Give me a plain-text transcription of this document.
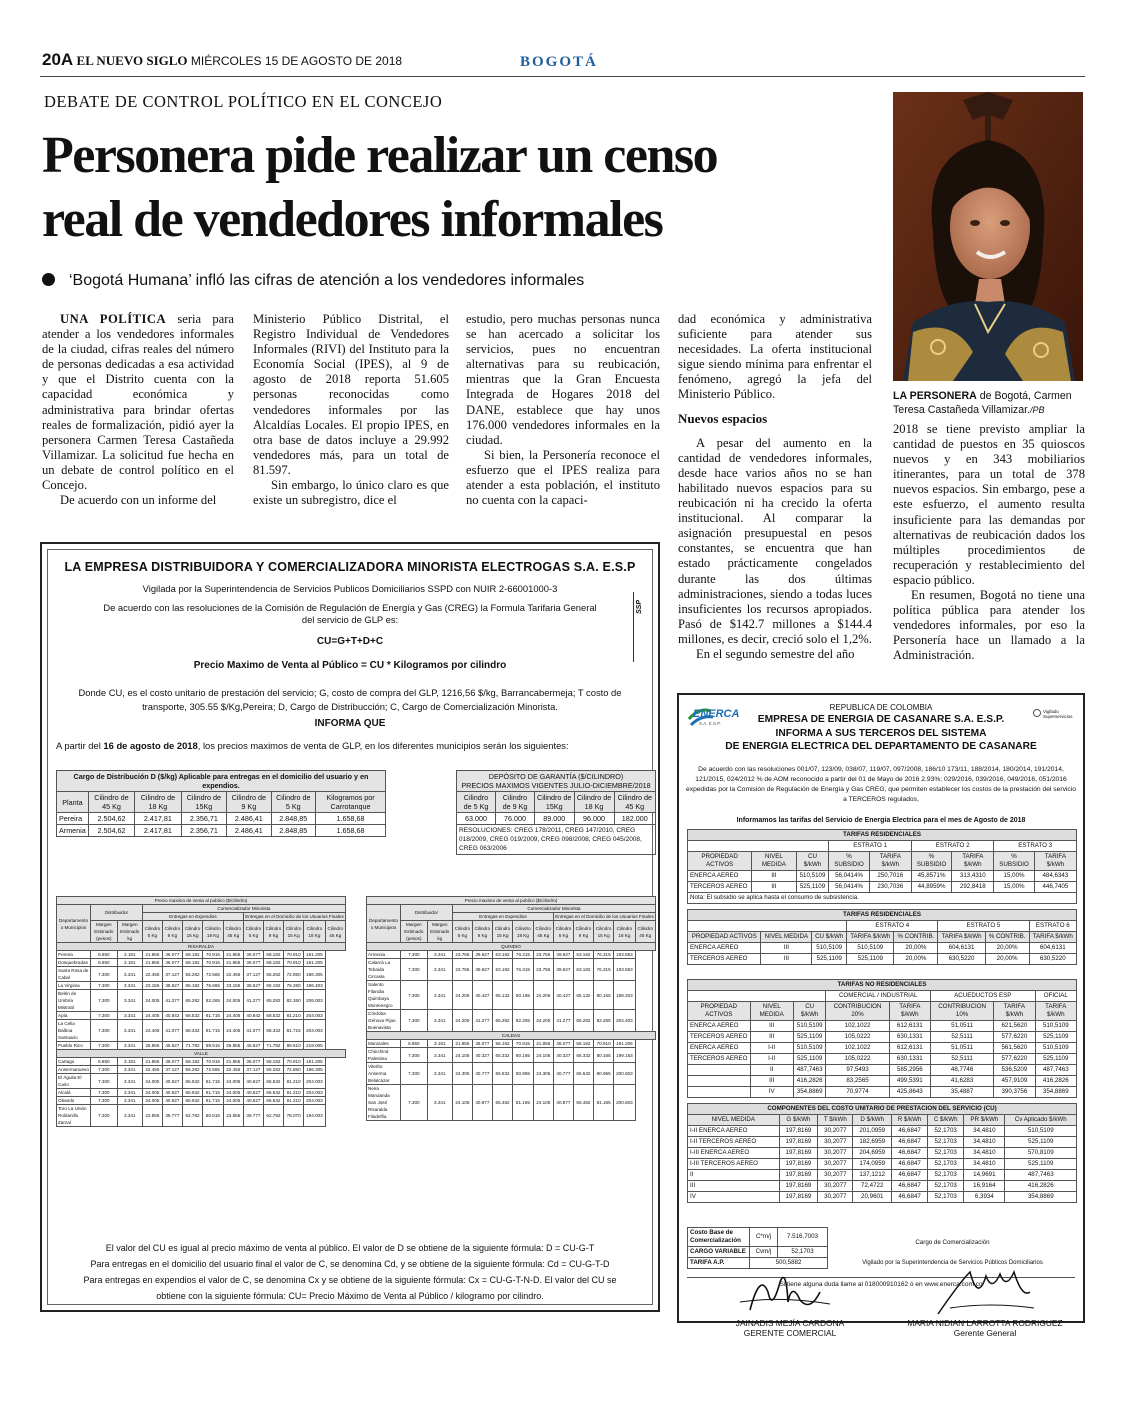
20A EL NUEVO SIGLO MIÉRCOLES 15 DE AGOSTO DE 2018	BOGOTÁ
DEBATE DE CONTROL POLÍTICO EN EL CONCEJO
Personera pide realizar un censo
real de vendedores informales
‘Bogotá Humana’ infló las cifras de atención a los vendedores informales

UNA POLÍTICA seria para atender a los vendedores informales de la ciudad, cifras reales del número de personas dedicadas a esa actividad y que el Distrito cuenta con la capacidad económica y administrativa para brindar ofertas reales de formalización, pidió ayer la personera Carmen Teresa Castañeda Villamizar. La solicitud fue hecha en un debate de control político en el Concejo.

De acuerdo con un informe del

Ministerio Público Distrital, el Registro Individual de Vendedores Informales (RIVI) del Instituto para la Economía Social (IPES), al 9 de agosto de 2018 reporta 51.605 personas reconocidas como vendedores informales por las Alcaldías Locales. El propio IPES, en otra base de datos incluye a 29.992 vendedores más, para un total de 81.597.

Sin embargo, lo único claro es que existe un subregistro, dice el

estudio, pero muchas personas nunca se han acercado a solicitar los servicios, pues no encuentran alternativas para su reubicación, mientras que la Gran Encuesta Integrada de Hogares 2018 del DANE, establece que hay unos 176.000 vendedores informales en la ciudad.

Si bien, la Personería reconoce el esfuerzo que el IPES realiza para atender a esta población, el instituto no cuenta con la capaci-

dad económica y administrativa suficiente para atender sus necesidades. La oferta institucional sigue siendo mínima para enfrentar el fenómeno, agregó la jefa del Ministerio Público.

Nuevos espacios

A pesar del aumento en la cantidad de vendedores informales, desde hace varios años no se han habilitado nuevos espacios para su reubicación ni ha crecido la oferta institucional. Al comparar la asignación presupuestal en pesos constantes, se encuentra que han estado prácticamente congelados durante las dos últimas administraciones, siendo a todas luces insuficientes los recursos apropiados. Pasó de $142.7 millones a $144.4 millones, es decir, creció solo el 1,2%.

En el segundo semestre del año

2018 se tiene previsto ampliar la cantidad de puestos en 35 quioscos nuevos y en 343 mobiliarios itinerantes, para un total de 378 nuevos espacios. Sin embargo, pese a este esfuerzo, el aumento resulta insuficiente para las demandas por alternativas de reubicación dados los múltiples procedimientos de recuperación y restablecimiento del espacio público.

En resumen, Bogotá no tiene una política pública para atender los vendedores informales, por eso la Personería hace un llamado a la Administración.

LA PERSONERA de Bogotá, Carmen Teresa Castañeda Villamizar./PB
LA EMPRESA DISTRIBUIDORA Y COMERCIALIZADORA MINORISTA ELECTROGAS S.A. E.S.P
Vigilada por la Superintendencia de Servicios Publicos Domiciliarios SSPD con NUIR 2-66001000-3
De acuerdo con las resoluciones de la Comisión de Regulación de Energía y Gas (CREG) la Formula Tarifaria General del servicio de GLP es:
SSP
CU=G+T+D+C
Precio Maximo de Venta al Público = CU * Kilogramos por cilindro
Donde CU, es el costo unitario de prestación del servicio; G, costo de compra del GLP, 1216,56 $/kg, Barrancabermeja; T costo de transporte, 305.55 $/Kg,Pereira; D, Cargo de Distribucción; C, Cargo de Comercialización Minorista.
INFORMA QUE
A partir del 16 de agosto de 2018, los precios maximos de venta de GLP, en los diferentes municipios serán los siguientes:
Cargo de Distribución D ($/kg) Aplicable para entregas en el domicilio del usuario y en expendios.						
Planta	Cilindro de 45 Kg	Cilindro de 18 Kg	Cilindro de 15Kg	Cilindro de 9 Kg	Cilindro de 5 Kg	Kilogramos por Carrotanque
Pereira	2.504,62	2.417,81	2.356,71	2.486,41	2.848,85	1.658,68
Armenia	2.504,62	2.417,81	2.356,71	2.486,41	2.848,85	1.658,68
DEPÓSITO DE GARANTÍA ($/CILINDRO)
PRECIOS MAXIMOS VIGENTES JULIO-DICIEMBRE/2018				

Cilindro de 5 Kg	Cilindro de 9 Kg	Cilindro de 15Kg	Cilindro de 18 Kg	Cilindro de 45 Kg
63.000	76.000	89.000	96.000	182.000
RESOLUCIONES: CREG 178/2011, CREG 147/2010, CREG 018/2009, CREG 019/2009, CREG 098/2008, CREG 045/2008, CREG 063/2006				
Precio maximo de venta al publico ($/cilindro)												
Departamento o Municipios	Distribuidor		Comercializador Minorista									
			Entregas en Expendios					Entregas en el Domicilio de los Usuarios Finales				
	Margen Estimado (pesos)	Margen Estimado kg	Cilindro 5 Kg	Cilindro 9 Kg	Cilindro 15 Kg	Cilindro 18 Kg	Cilindro 45 Kg	Cilindro 5 Kg	Cilindro 9 Kg	Cilindro 15 Kg	Cilindro 18 Kg	Cilindro 45 Kg
RISARALDA												
Pereira	6.850	3.181	21.855	36.077	58.182	70.915	21.855	36.077	58.182	70.910	181.205	
Dosquebradas	6.850	3.181	21.855	36.077	58.182	70.915	21.855	36.077	58.182	70.910	181.205	
Santa Rosa de Cabal	7.300	3.341	22.455	37.127	55.282	72.565	22.455	37.127	55.282	72.850	186.305	
La Virginia	7.300	3.341	23.155	38.527	65.182	76.665	23.155	38.527	65.182	76.260	196.403	
Belén de Umbría Mistrató	7.300	3.341	24.005	41.277	65.282	82.265	24.005	41.277	65.282	82.260	206.003	
Apía	7.300	3.341	24.405	40.842	68.532	81.715	24.405	40.842	68.532	81.210	204.003	
La Celia Balboa Santuario	7.300	3.341	24.405	41.077	68.332	81.715	24.405	41.077	68.332	81.715	204.003	
Pueblo Rico	7.300	3.341	25.855	45.527	71.782	89.515	25.855	45.527	71.782	89.510	219.005	
VALLE												
Cartago	6.850	3.181	21.855	36.077	58.182	70.915	21.855	36.077	58.182	70.910	181.205	
Ansermanuevo	7.300	3.341	22.455	37.127	55.282	72.565	22.455	37.127	55.282	72.850	186.305	
El Águila El Cairo	7.300	3.341	24.005	40.627	65.532	81.715	24.005	40.627	65.532	81.210	204.003	
Alcalá	7.300	3.341	24.005	40.627	65.532	81.715	24.005	40.627	65.532	81.210	204.003	
Obando	7.300	3.341	24.005	40.627	65.532	81.715	24.005	40.627	65.532	81.210	204.003	
Toro La Unión Roldanillo Zarzal	7.300	3.341	23.855	39.777	62.782	80.515	23.855	39.777	62.782	78.070	194.003	
Precio maximo de venta al publico ($/cilindro)												
Departamento o Municipios	Distribuidor		Comercializador Minorista									
			Entregas en Expendios					Entregas en el Domicilio de los Usuarios Finales				
	Margen Estimado (pesos)	Margen Estimado kg	Cilindro 5 Kg	Cilindro 9 Kg	Cilindro 15 Kg	Cilindro 18 Kg	Cilindro 45 Kg	Cilindro 5 Kg	Cilindro 9 Kg	Cilindro 15 Kg	Cilindro 18 Kg	Cilindro 45 Kg
QUINDIO												
Armenia	7.300	3.341	23.755	39.627	63.182	76.315	23.755	39.627	63.182	76.315	193.553	
Calarcá La Tebaida Circasia	7.300	3.341	23.755	39.627	63.182	76.315	23.755	39.627	63.182	76.315	193.553	
Salento Filandia Quimbaya Montenegro	7.300	3.341	24.205	40.427	65.132	80.165	24.205	40.427	65.132	80.165	198.203	
Córdoba Génova Pijao Buenavista	7.300	3.341	24.205	41.277	65.282	82.265	24.205	41.277	65.282	82.265	204.403	
CALDAS												
Manizales	6.850	3.181	21.855	36.077	58.182	70.915	21.855	36.077	58.182	70.910	181.205	
Chinchiná Palestina	7.300	3.341	24.105	40.327	65.332	80.165	24.105	40.327	65.332	80.165	199.163	
Viterbo Anserma Belalcázar	7.300	3.341	24.305	40.777	65.532	80.965	24.305	40.777	65.532	80.965	200.603	
Neira Marulanda San José Risaralda Filadelfia	7.300	3.341	24.105	40.877	65.482	81.165	24.105	40.877	65.482	81.165	200.603	
El valor del CU es igual al precio máximo de venta al público. El valor de D se obtiene de la siguiente fórmula: D = CU-G-T
Para entregas en el domicilio del usuario final el valor de C, se denomina Cd, y se obtiene de la siguiente fórmula: Cd = CU-G-T-D
Para entregas en expendios el valor de C, se denomina Cx y se obtiene de la siguiente fórmula: Cx = CU-G-T-N-D. El valor del CU se
obtiene con la siguiente fórmula: CU= Precio Máximo de Venta al Público / kilogramo por cilindro.
ENERCA
S.A. E.S.P.
Vigilado Superservicios
REPUBLICA DE COLOMBIA
EMPRESA DE ENERGIA DE CASANARE S.A. E.S.P.
INFORMA A SUS TERCEROS DEL SISTEMA
DE ENERGIA ELECTRICA DEL DEPARTAMENTO DE CASANARE
De acuerdo con las resoluciones 001/07, 123/09, 038/07, 119/07, 097/2008, 186/10 173/11, 188/2014, 180/2014, 191/2014, 121/2015, 024/2012 % de AOM reconocido a partir del 01 de Mayo de 2016 2.93%; 029/2016, 039/2016, 049/2016, 051/2016 expedidas por la Comisión de Regulación de Energía y Gas CREG, que permiten establecer los costos de la prestación del servicio a TERCEROS regulados,
Informamos las tarifas del Servicio de Energía Electrica para el mes de Agosto de 2018
TARIFAS RESIDENCIALES								
			ESTRATO 1		ESTRATO 2		ESTRATO 3	
PROPIEDAD ACTIVOS	NIVEL MEDIDA	CU $/kWh	% SUBSIDIO	TARIFA $/kWh	% SUBSIDIO	TARIFA $/kWh	% SUBSIDIO	TARIFA $/kWh
ENERCA AEREO	III	510,5109	56,0414%	250,7016	45,8571%	313,4310	15,00%	484,6343
TERCEROS AEREO	III	525,1109	56,0414%	230,7036	44,8959%	292,8418	15,00%	446,7405
Nota: El subsidio se aplica hasta el consumo de subsistencia.								
TARIFAS RESIDENCIALES							
			ESTRATO 4		ESTRATO 5		ESTRATO 6
PROPIEDAD ACTIVOS	NIVEL MEDIDA	CU $/kWh	TARIFA $/kWh	% CONTRIB.	TARIFA $/kWh	% CONTRIB.	TARIFA $/kWh
ENERCA AEREO	III	510,5109	510,5109	20,00%	604,6131	20,00%	604,6131
TERCEROS AEREO	III	525,1109	525,1109	20,00%	630,5220	20,00%	630,5220
TARIFAS NO RESIDENCIALES							
			COMERCIAL / INDUSTRIAL		ACUEDUCTOS ESP		OFICIAL
PROPIEDAD ACTIVOS	NIVEL MEDIDA	CU $/kWh	CONTRIBUCION 20%	TARIFA $/kWh	CONTRIBUCION 10%	TARIFA $/kWh	TARIFA $/kWh
ENERCA AEREO	III	510,5109	102,1022	612,6131	51,0511	621,5620	510,5109
TERCEROS AEREO	III	525,1109	105,0222	630,1331	52,5111	577,6220	525,1109
ENERCA AEREO	I-II	510,5109	102,1022	612,6131	51,0511	561,5620	510,5109
TERCEROS AEREO	I-II	525,1109	105,0222	630,1331	52,5111	577,6220	525,1109
	II	487,7463	97,5493	585,2956	48,7746	536,5209	487,7463
	III	416,2826	83,2565	499,5391	41,6283	457,9109	416,2826
	IV	354,8869	70,9774	425,8643	35,4887	390,3756	354,8869
COMPONENTES DEL COSTO UNITARIO DE PRESTACION DEL SERVICIO (CU)							
NIVEL MEDIDA	G $/kWh	T $/kWh	D $/kWh	R $/kWh	C $/kWh	PR $/kWh	Cv Aplicado $/kWh
I-II ENERCA AEREO	197,8169	30,2077	201,0959	46,6847	52,1703	34,4810	510,5109
I-II TERCEROS AEREO	197,8169	30,2077	182,6959	46,6847	52,1703	34,4810	525,1109
I-III ENERCA AEREO	197,8169	30,2077	204,6959	46,6847	52,1703	34,4810	570,8109
I-III TERCEROS AEREO	197,8169	30,2077	174,0959	46,6847	52,1703	34,4810	525,1109
II	197,8169	30,2077	137,1212	46,6847	52,1703	14,9691	487,7463
III	197,8169	30,2077	72,4722	46,6847	52,1703	16,9164	416,2826
IV	197,8169	30,2077	20,9601	46,6847	52,1703	6,3934	354,8869
Costo Base de Comercialización	C*m/j	7.516,7003	Cargo de Comercialización
CARGO VARIABLE	Cvm/j	52,1703	
TARIFA A.P.	500,5882		Vigilado por la Superintendencia de Servicios Públicos Domiciliarios
Si tiene alguna duda llame al 018000910162 ó en www.enerca.com.co
JAINADIS MEJÍA CARDONA
GERENTE COMERCIAL
MARIA NIDIAN LARROTTA RODRIGUEZ
Gerente General
